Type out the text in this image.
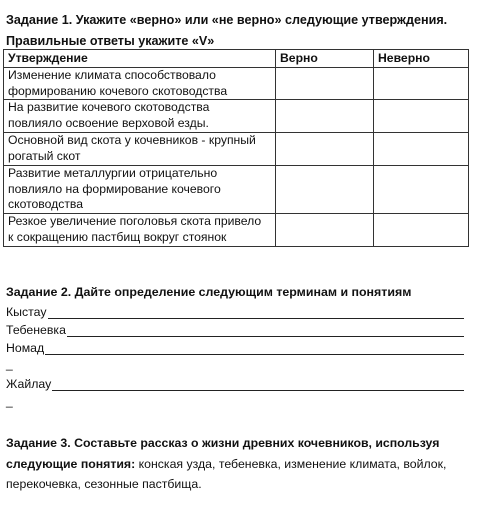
Задание 1. Укажите «верно» или «не верно» следующие утверждения.
Правильные ответы укажите «V»
Утверждение	Верно	Неверно

Изменение климата способствовало
формированию кочевого скотоводства		

На развитие кочевого скотоводства
повлияло освоение верховой езды.		

Основной вид скота у кочевников - крупный
рогатый скот		

Развитие металлургии отрицательно
повлияло на формирование кочевого
скотоводства		

Резкое увеличение поголовья скота привело
к сокращению пастбищ вокруг стоянок		

Задание 2. Дайте определение следующим терминам и понятиям
Кыстау
Тебеневка
Номад
_
Жайлау
_
Задание 3. Составьте рассказ о жизни древних кочевников, используя
следующие понятия: конская узда, тебеневка, изменение климата, войлок,
перекочевка, сезонные пастбища.
